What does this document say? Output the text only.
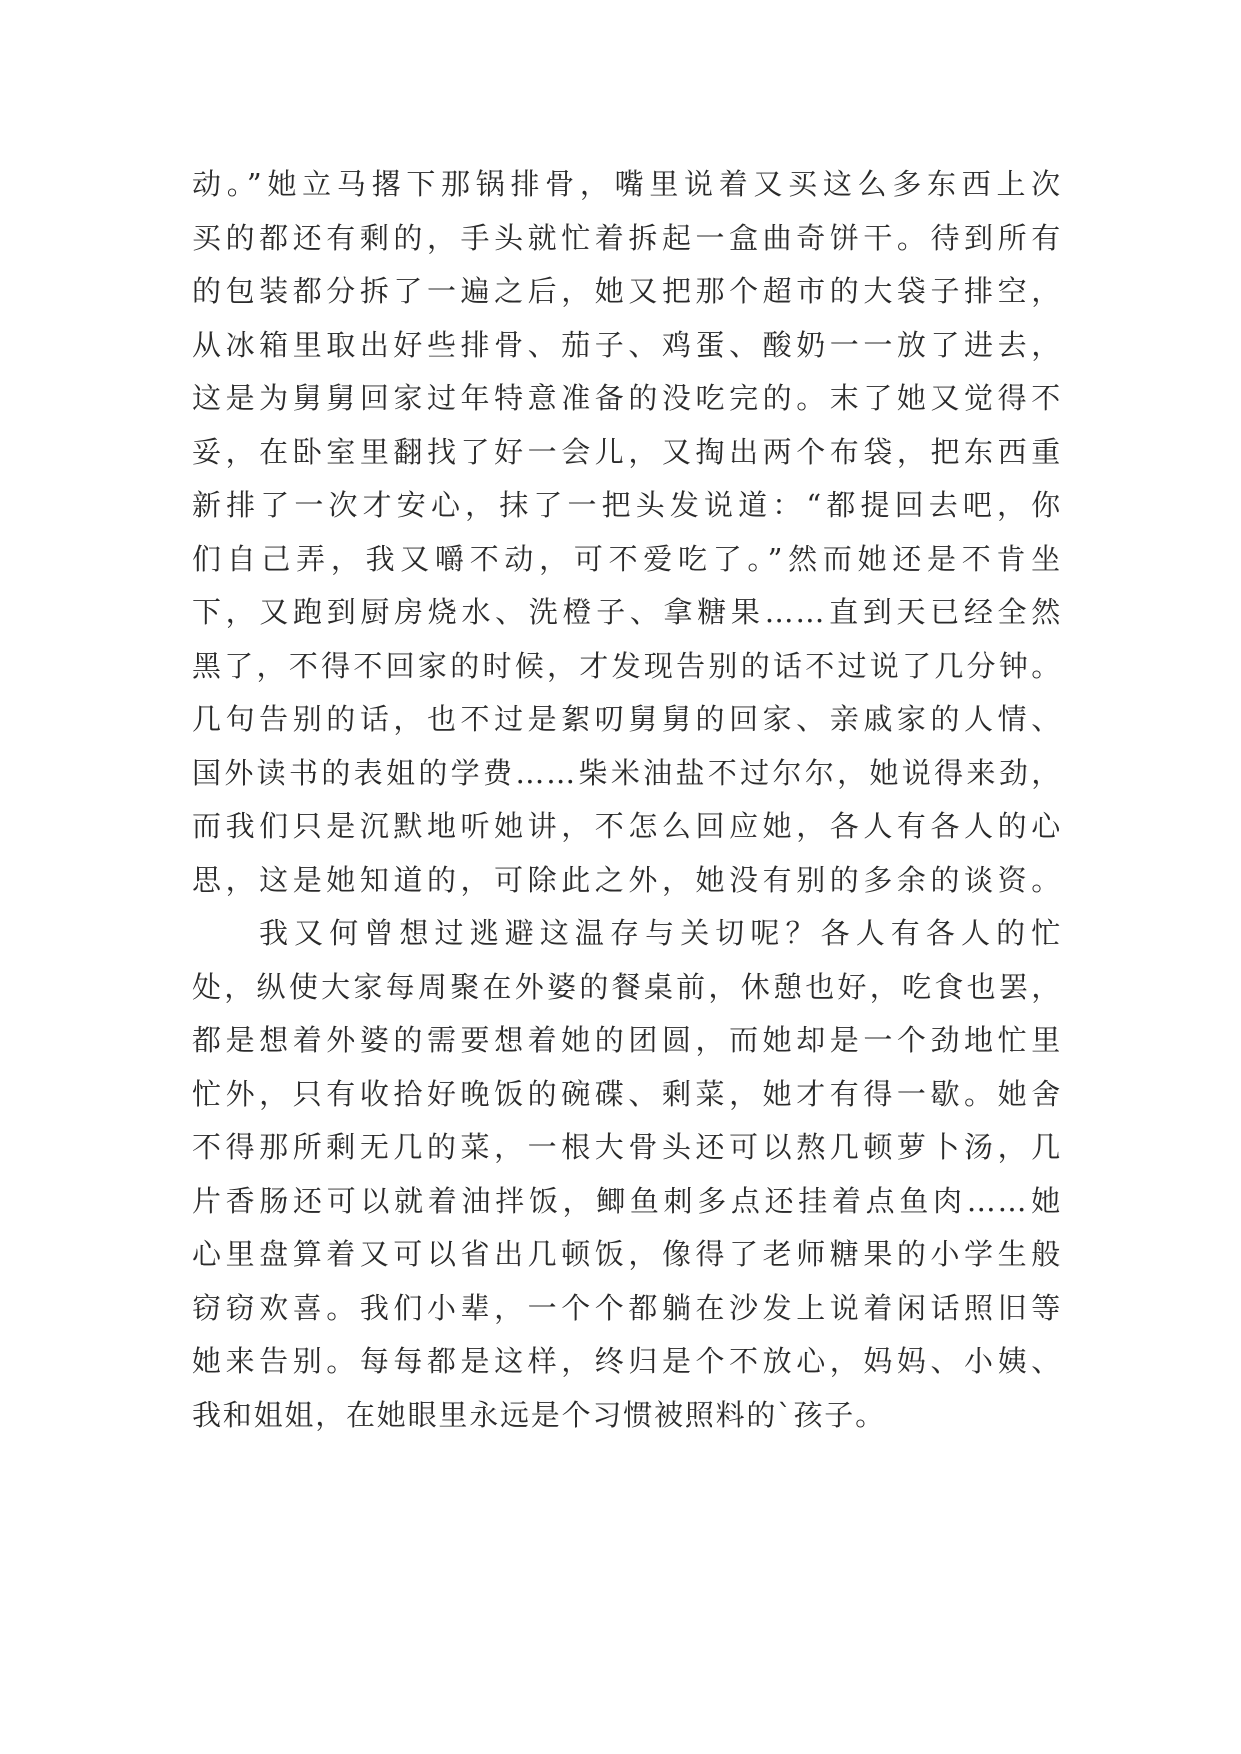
动。”她立马撂下那锅排骨，嘴里说着又买这么多东西上次
买的都还有剩的，手头就忙着拆起一盒曲奇饼干。待到所有
的包装都分拆了一遍之后，她又把那个超市的大袋子排空，
从冰箱里取出好些排骨、茄子、鸡蛋、酸奶一一放了进去，
这是为舅舅回家过年特意准备的没吃完的。末了她又觉得不
妥，在卧室里翻找了好一会儿，又掏出两个布袋，把东西重
新排了一次才安心，抹了一把头发说道：“都提回去吧，你
们自己弄，我又嚼不动，可不爱吃了。”然而她还是不肯坐
下，又跑到厨房烧水、洗橙子、拿糖果……直到天已经全然
黑了，不得不回家的时候，才发现告别的话不过说了几分钟。
几句告别的话，也不过是絮叨舅舅的回家、亲戚家的人情、
国外读书的表姐的学费……柴米油盐不过尔尔，她说得来劲，
而我们只是沉默地听她讲，不怎么回应她，各人有各人的心
思，这是她知道的，可除此之外，她没有别的多余的谈资。
我又何曾想过逃避这温存与关切呢？各人有各人的忙
处，纵使大家每周聚在外婆的餐桌前，休憩也好，吃食也罢，
都是想着外婆的需要想着她的团圆，而她却是一个劲地忙里
忙外，只有收拾好晚饭的碗碟、剩菜，她才有得一歇。她舍
不得那所剩无几的菜，一根大骨头还可以熬几顿萝卜汤，几
片香肠还可以就着油拌饭，鲫鱼刺多点还挂着点鱼肉……她
心里盘算着又可以省出几顿饭，像得了老师糖果的小学生般
窃窃欢喜。我们小辈，一个个都躺在沙发上说着闲话照旧等
她来告别。每每都是这样，终归是个不放心，妈妈、小姨、
我和姐姐，在她眼里永远是个习惯被照料的`孩子。
